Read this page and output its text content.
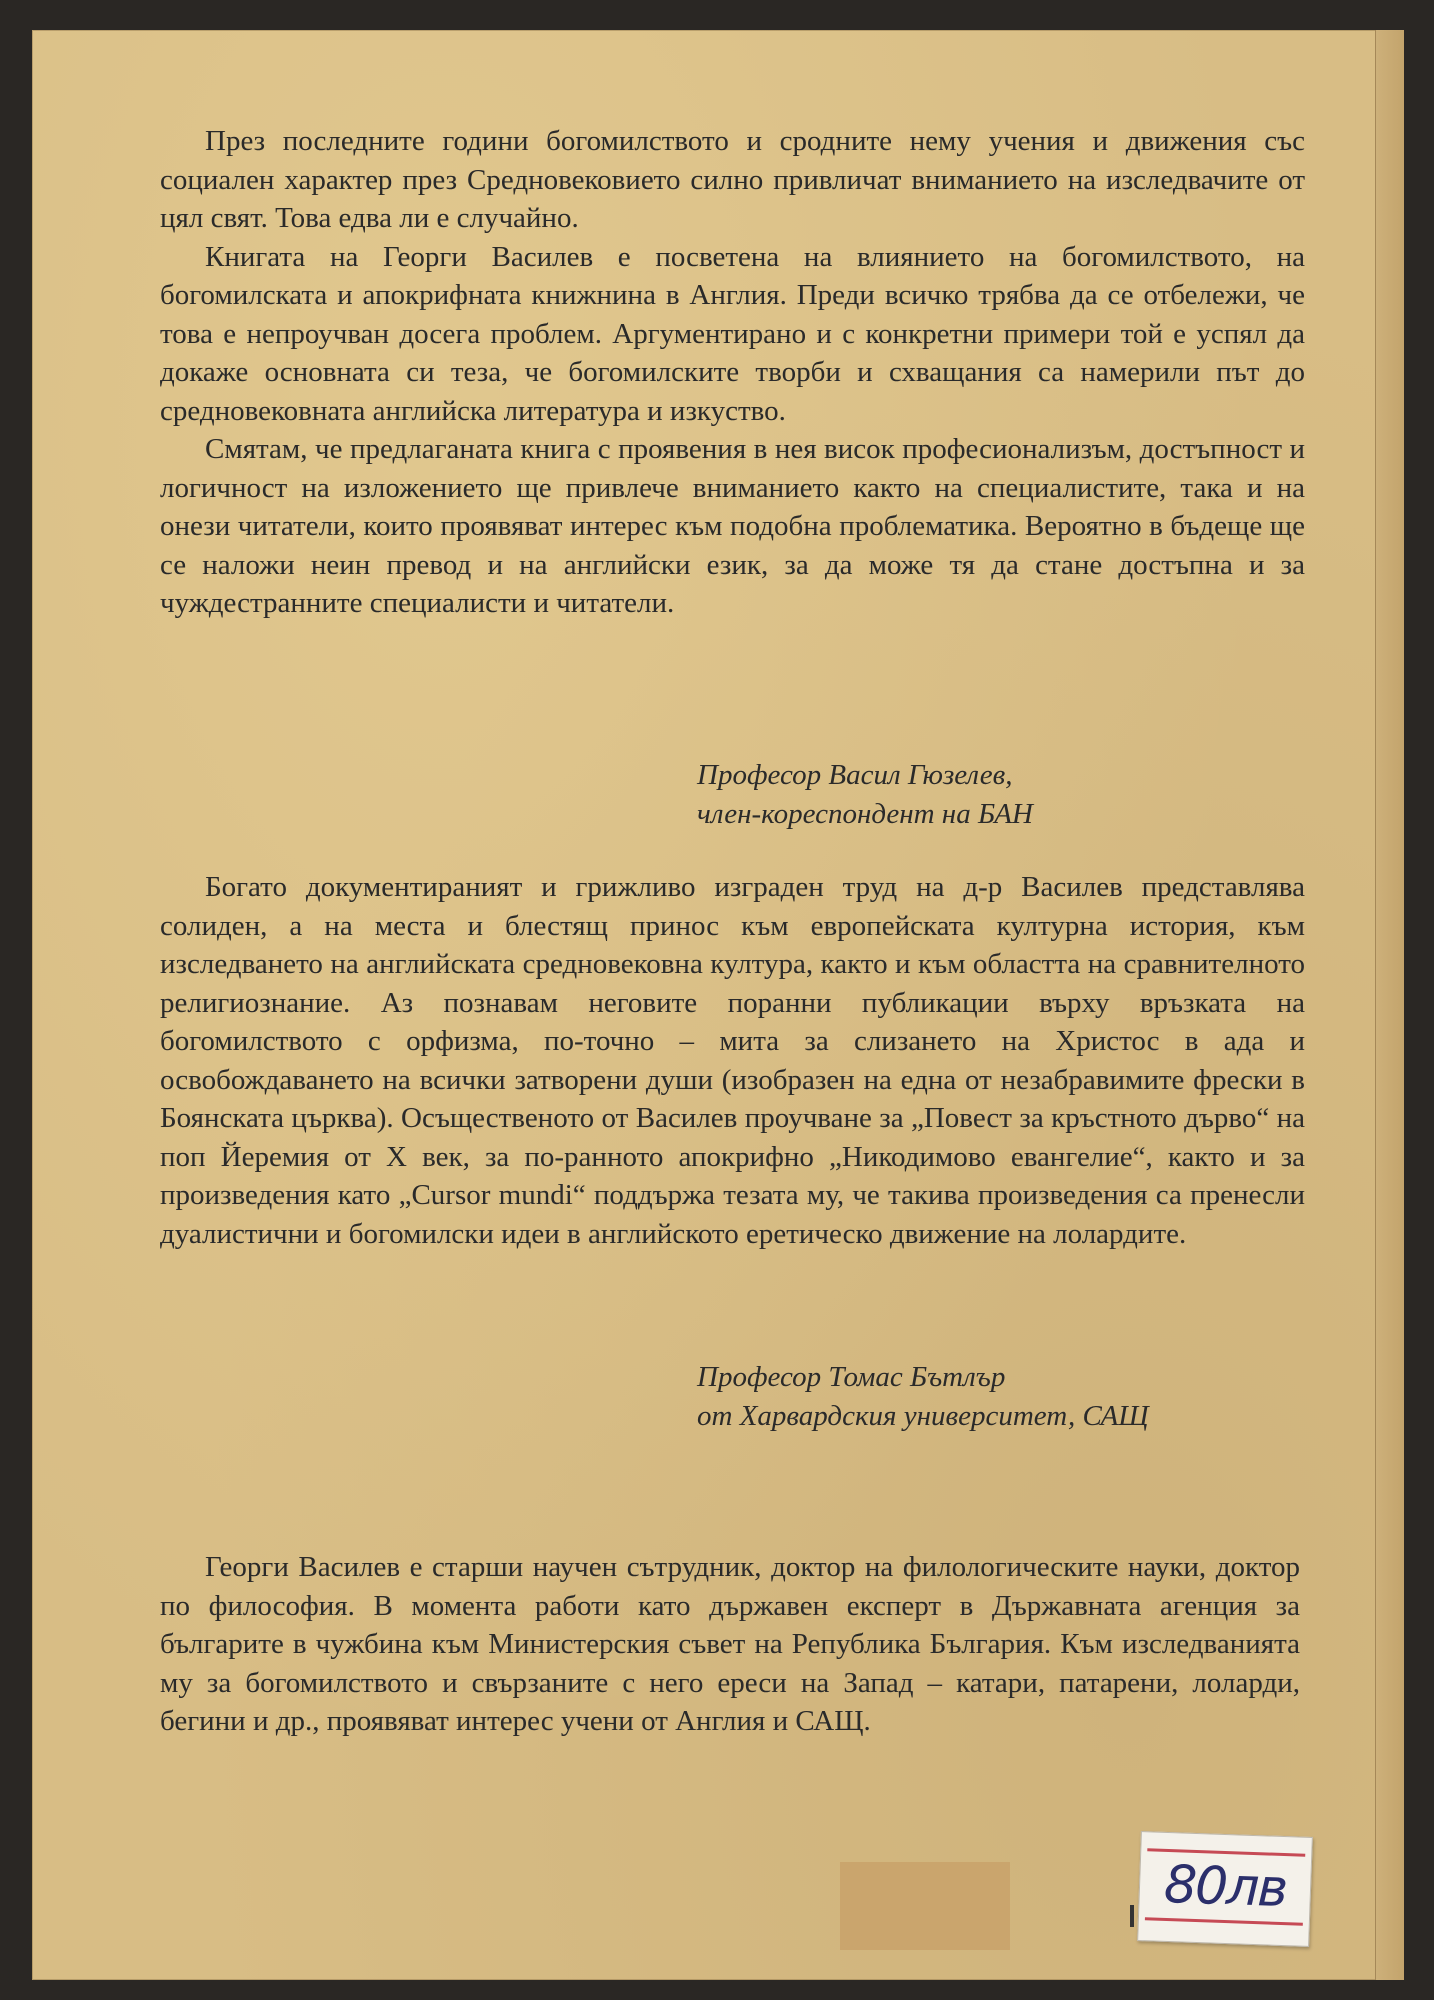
През последните години богомилството и сродните нему учения и движения със социален характер през Средновековието силно привличат вниманието на изследвачите от цял свят. Това едва ли е случайно.

Книгата на Георги Василев е посветена на влиянието на богомилството, на богомилската и апокрифната книжнина в Англия. Преди всичко трябва да се отбележи, че това е непроучван досега проблем. Аргументирано и с конкретни примери той е успял да докаже основната си теза, че богомилските творби и схващания са намерили път до средновековната английска литература и изкуство.

Смятам, че предлаганата книга с проявения в нея висок професионализъм, достъпност и логичност на изложението ще привлече вниманието както на специалистите, така и на онези читатели, които проявяват интерес към подобна проблематика. Вероятно в бъдеще ще се наложи неин превод и на английски език, за да може тя да стане достъпна и за чуждестранните специалисти и читатели.

Професор Васил Гюзелев,
член-кореспондент на БАН

Богато документираният и грижливо изграден труд на д-р Василев представлява солиден, а на места и блестящ принос към европейската културна история, към изследването на английската средновековна култура, както и към областта на сравнителното религиознание. Аз познавам неговите поранни публикации върху връзката на богомилството с орфизма, по-точно – мита за слизането на Христос в ада и освобождаването на всички затворени души (изобразен на една от незабравимите фрески в Боянската църква). Осъщественото от Василев проучване за „Повест за кръстното дърво“ на поп Йеремия от X век, за по-ранното апокрифно „Никодимово евангелие“, както и за произведения като „Cursor mundi“ поддържа тезата му, че такива произведения са пренесли дуалистични и богомилски идеи в английското еретическо движение на лолардите.

Професор Томас Бътлър
от Харвардския университет, САЩ

Георги Василев е старши научен сътрудник, доктор на филологическите науки, доктор по философия. В момента работи като държавен експерт в Държавната агенция за българите в чужбина към Министерския съвет на Република България. Към изследванията му за богомилството и свързаните с него ереси на Запад – катари, патарени, лоларди, бегини и др., проявяват интерес учени от Англия и САЩ.

80лв
